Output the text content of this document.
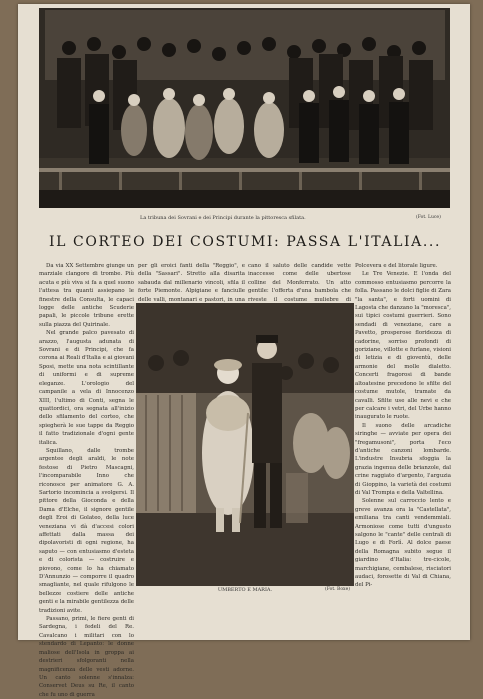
La tribuna dei Sovrani e dei Principi durante la pittoresca sfilata.	(Fot. Luce)
IL CORTEO DEI COSTUMI: PASSA L'ITALIA...

Da via XX Settembre giunge un marziale clangore di trombe. Più acuta e più viva si fa a quel suono l'attesa tra quanti assiepano le finestre della Consulta, le capaci logge delle antiche Scuderie papali, le piccole tribune erette sulla piazza del Quirinale.

Nel grande palco pavesato di arazzo, l'augusta adunata di Sovrani e di Principi, che fa corona ai Reali d'Italia e ai giovani Sposi, mette una nota scintillante di uniformi e di supreme eleganze. L'orologio del campanile a vela di Innocenzo XIII, l'ultimo di Conti, segna le quattordici, ora segnata all'inizio dello sfilamento del corteo, che spiegherà le sue tappe da Reggio il fatto tradizionale d'ogni gente italica.

Squillano, dalle trombe argentee degli araldi, le note festose di Pietro Mascagni, l'incomparabile Inno che riconosce per animatore G. A. Sartorio incomincia a svolgersi. Il pittore della Gioconda e della Dama d'Elche, il signore gentile degli Eroi di Golateo, della luce veneziana vi dà d'accesi colori affettati dalla massa dei dipolavoristi di ogni regione, ha saputo — con entusiasmo d'esteta e di colorista — costruire e piovono, come lo ha chiamato D'Annunzio — comporre il quadro smagliante, nel quale rifulgono le bellezze costiere delle antiche genti e la mirabile gentilezza delle tradizioni avite.

Passano, primi, le fiere genti di Sardegna, i fedeli del Re. Cavalcano i militari con lo stendardo di Lepanto: le donne maliose dell'Isola in groppa ai destrieri sfolgoranti nella magnificenza delle vesti adorne. Un canto solenne s'innalza: Conservet Deus su Re, il canto che fu uno di guerra

per gli eroici fanti della "Reggio", e della "Sassari". Stretto alla disarita sabauda dal millenario vincoli, sfila il forte Piemonte. Alpigiane e fanciulle delle valli, montanari e pastori, in una

cano il saluto delle candide vette inaccesse come delle ubertose colline del Monferrato. Un atto gentile: l'offerta d'una bambola che riveste il costume muliebre di

UMBERTO E MARIA.	(Fot. Boxe)

Polcevera e del litorale ligure.

Le Tre Venezie. E l'onda del commosso entusiasmo percorre la folla. Passano le dolci figlie di Zara "la santa", e forti uomini di Lagosta che danzano la "moresca", sui tipici costumi guerrieri. Sono sendadi di veneziane, care a Pavetto, prosperose floridezza di cadorine, sorriso profondi di goriziane, villotte e furlane, visioni di letizia e di gioventù, delle armonie del molle dialetto. Concerti fragorosi di bande altoatesine precedono le sfilte del costume mutole, tramate da cavalli. Sfilte use alle nevi e che per calcare i vetri, del Urbe hanno inaugurato le ruote.

Il suono delle arcadiche siringhe — avviate per opera dei "fregamusoni", porta l'eco d'antiche canzoni lombarde. L'industre Insubria sfoggia la grazia ingenua delle brianzole, dal crine raggiato d'argento, l'arguzia di Gioppino, la varietà dei costumi di Val Trompia e della Valtellina.

Solenne sul carroccio lento e greve avanza ora la "Castellata", emiliana tra canti vendemmiali. Armoniose come tutti d'ungusto salgono le "cante" delle centrali di Lugo e di Forlì. Al dolce paese della Romagna subito segue il giardino d'Italia: tre-cicole, marchigiane, cembalese, risciatori audaci, forosette di Val di Chiana, del Pi-
